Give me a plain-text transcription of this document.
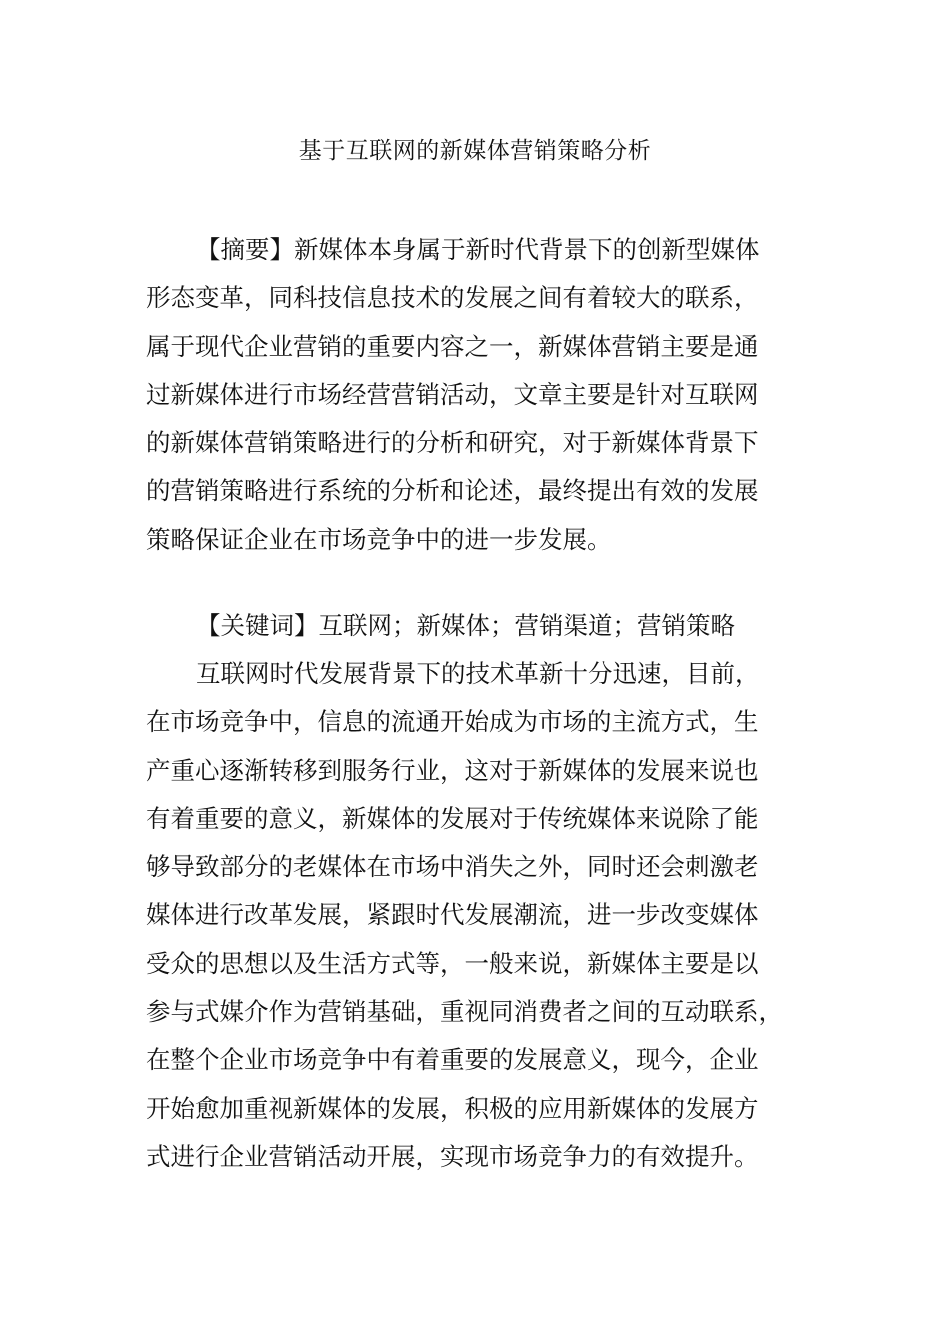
基于互联网的新媒体营销策略分析
【摘要】新媒体本身属于新时代背景下的创新型媒体
形态变革，同科技信息技术的发展之间有着较大的联系，
属于现代企业营销的重要内容之一，新媒体营销主要是通
过新媒体进行市场经营营销活动，文章主要是针对互联网
的新媒体营销策略进行的分析和研究，对于新媒体背景下
的营销策略进行系统的分析和论述，最终提出有效的发展
策略保证企业在市场竞争中的进一步发展。
【关键词】互联网；新媒体；营销渠道；营销策略
互联网时代发展背景下的技术革新十分迅速，目前，
在市场竞争中，信息的流通开始成为市场的主流方式，生
产重心逐渐转移到服务行业，这对于新媒体的发展来说也
有着重要的意义，新媒体的发展对于传统媒体来说除了能
够导致部分的老媒体在市场中消失之外，同时还会刺激老
媒体进行改革发展，紧跟时代发展潮流，进一步改变媒体
受众的思想以及生活方式等，一般来说，新媒体主要是以
参与式媒介作为营销基础，重视同消费者之间的互动联系，
在整个企业市场竞争中有着重要的发展意义，现今，企业
开始愈加重视新媒体的发展，积极的应用新媒体的发展方
式进行企业营销活动开展，实现市场竞争力的有效提升。
